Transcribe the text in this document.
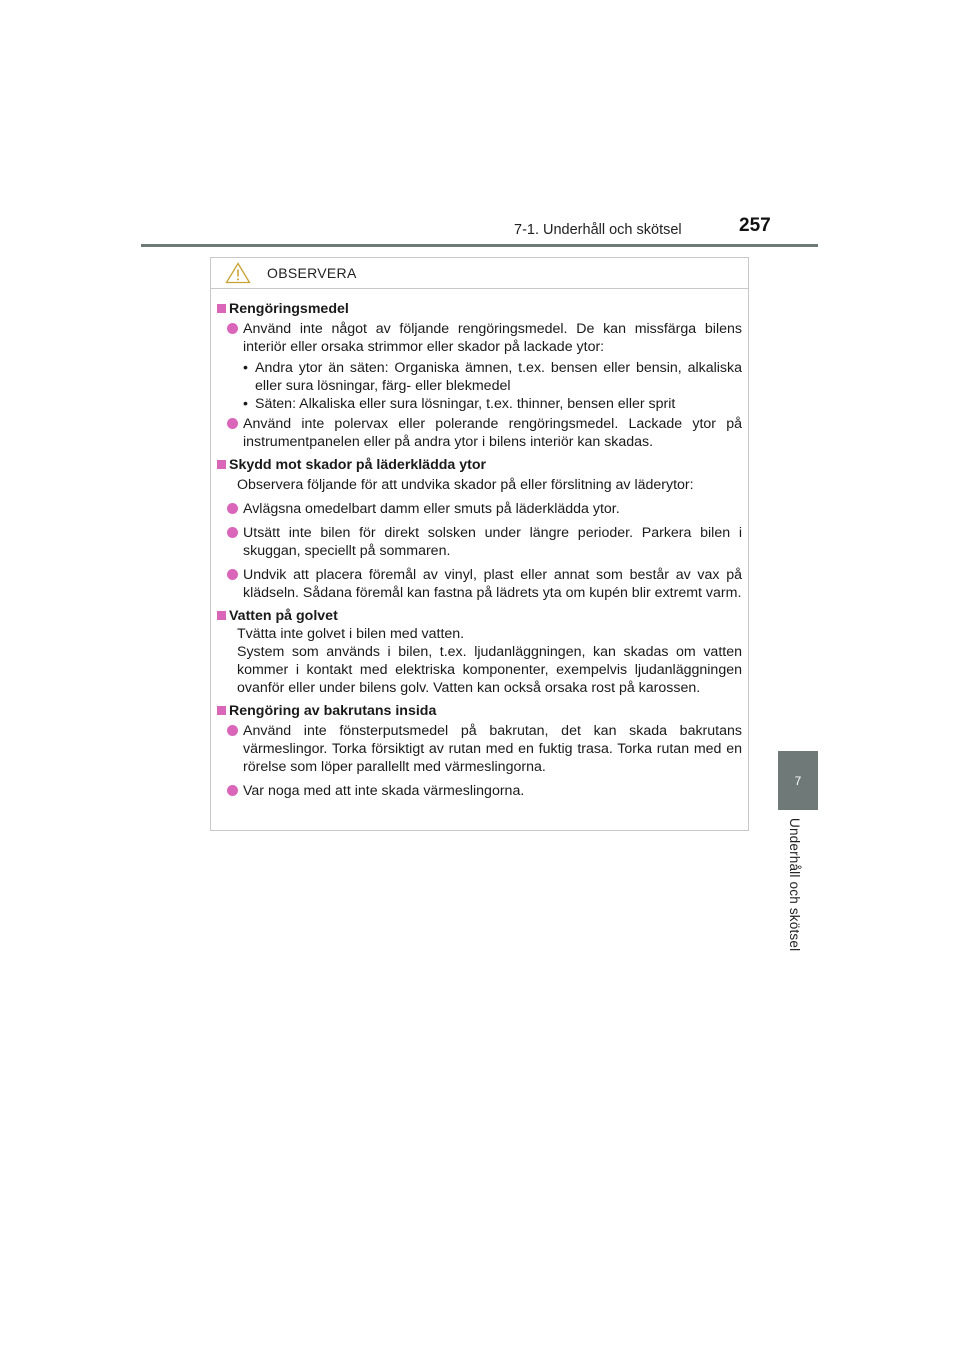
7-1. Underhåll och skötsel	257
7
Underhåll och skötsel
OBSERVERA
Rengöringsmedel
Använd inte något av följande rengöringsmedel. De kan missfärga bilens interiör eller orsaka strimmor eller skador på lackade ytor:
• Andra ytor än säten: Organiska ämnen, t.ex. bensen eller bensin, alkaliska eller sura lösningar, färg- eller blekmedel
• Säten: Alkaliska eller sura lösningar, t.ex. thinner, bensen eller sprit
Använd inte polervax eller polerande rengöringsmedel. Lackade ytor på instrumentpanelen eller på andra ytor i bilens interiör kan skadas.
Skydd mot skador på läderklädda ytor
Observera följande för att undvika skador på eller förslitning av läderytor:
Avlägsna omedelbart damm eller smuts på läderklädda ytor.
Utsätt inte bilen för direkt solsken under längre perioder. Parkera bilen i skuggan, speciellt på sommaren.
Undvik att placera föremål av vinyl, plast eller annat som består av vax på klädseln. Sådana föremål kan fastna på lädrets yta om kupén blir extremt varm.
Vatten på golvet
Tvätta inte golvet i bilen med vatten.
System som används i bilen, t.ex. ljudanläggningen, kan skadas om vatten kommer i kontakt med elektriska komponenter, exempelvis ljudanläggningen ovanför eller under bilens golv. Vatten kan också orsaka rost på karossen.
Rengöring av bakrutans insida
Använd inte fönsterputsmedel på bakrutan, det kan skada bakrutans värmeslingor. Torka försiktigt av rutan med en fuktig trasa. Torka rutan med en rörelse som löper parallellt med värmeslingorna.
Var noga med att inte skada värmeslingorna.
